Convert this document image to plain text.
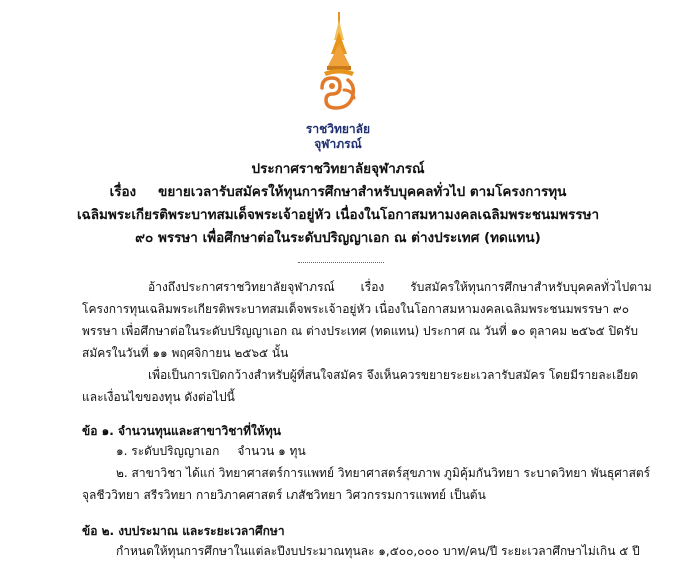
ราชวิทยาลัย
จุฬาภรณ์
ประกาศราชวิทยาลัยจุฬาภรณ์
เรื่อง ขยายเวลารับสมัครให้ทุนการศึกษาสำหรับบุคคลทั่วไป ตามโครงการทุน
เฉลิมพระเกียรติพระบาทสมเด็จพระเจ้าอยู่หัว เนื่องในโอกาสมหามงคลเฉลิมพระชนมพรรษา
๙๐ พรรษา เพื่อศึกษาต่อในระดับปริญญาเอก ณ ต่างประเทศ (ทดแทน)
อ้างถึงประกาศราชวิทยาลัยจุฬาภรณ์ เรื่อง รับสมัครให้ทุนการศึกษาสำหรับบุคคลทั่วไปตาม
โครงการทุนเฉลิมพระเกียรติพระบาทสมเด็จพระเจ้าอยู่หัว เนื่องในโอกาสมหามงคลเฉลิมพระชนมพรรษา ๙๐
พรรษา เพื่อศึกษาต่อในระดับปริญญาเอก ณ ต่างประเทศ (ทดแทน) ประกาศ ณ วันที่ ๑๐ ตุลาคม ๒๕๖๕ ปิดรับ
สมัครในวันที่ ๑๑ พฤศจิกายน ๒๕๖๕ นั้น
เพื่อเป็นการเปิดกว้างสำหรับผู้ที่สนใจสมัคร จึงเห็นควรขยายระยะเวลารับสมัคร โดยมีรายละเอียด
และเงื่อนไขของทุน ดังต่อไปนี้
ข้อ ๑. จำนวนทุนและสาขาวิชาที่ให้ทุน
๑. ระดับปริญญาเอก จำนวน ๑ ทุน
๒. สาขาวิชา ได้แก่ วิทยาศาสตร์การแพทย์ วิทยาศาสตร์สุขภาพ ภูมิคุ้มกันวิทยา ระบาดวิทยา พันธุศาสตร์
จุลชีววิทยา สรีรวิทยา กายวิภาคศาสตร์ เภสัชวิทยา วิศวกรรมการแพทย์ เป็นต้น
ข้อ ๒. งบประมาณ และระยะเวลาศึกษา
กำหนดให้ทุนการศึกษาในแต่ละปีงบประมาณทุนละ ๑,๕๐๐,๐๐๐ บาท/คน/ปี ระยะเวลาศึกษาไม่เกิน ๕ ปี
